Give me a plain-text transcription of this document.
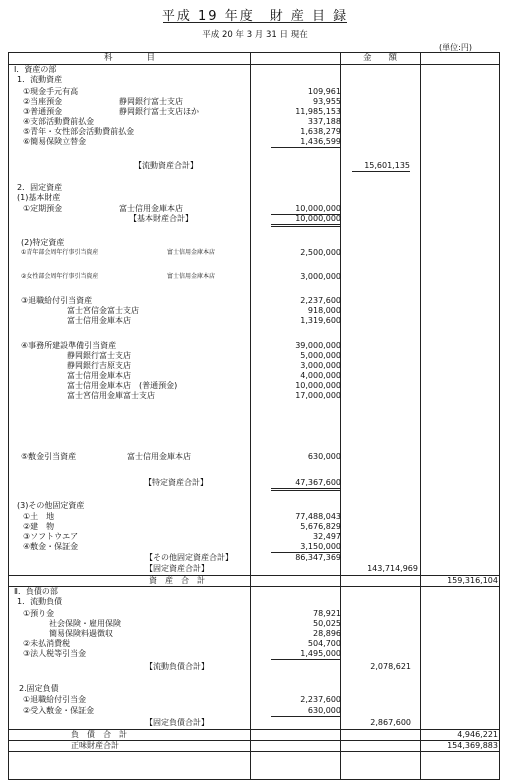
平成 19 年度　財 産 目 録
平成 20 年 3 月 31 日 現在
(単位:円)
科　　　　目	金　　額
Ⅰ．資産の部
1．流動資産
①現金手元有高	109,961
②当座預金	静岡銀行富士支店	93,955
③普通預金	静岡銀行富士支店ほか	11,985,153
④支部活動費前払金	337,188
⑤青年・女性部会活動費前払金	1,638,279
⑥簡易保険立替金	1,436,599
【流動資産合計】	15,601,135
2．固定資産
(1)基本財産
①定期預金	富士信用金庫本店	10,000,000
【基本財産合計】	10,000,000
(2)特定資産
①青年部会周年行事引当資産	富士信用金庫本店	2,500,000
②女性部会周年行事引当資産	富士信用金庫本店	3,000,000
③退職給付引当資産	2,237,600
富士宮信金富士支店	918,000
富士信用金庫本店	1,319,600
④事務所建設準備引当資産	39,000,000
静岡銀行富士支店	5,000,000
静岡銀行吉原支店	3,000,000
富士信用金庫本店	4,000,000
富士信用金庫本店　(普通預金)	10,000,000
富士宮信用金庫富士支店	17,000,000
⑤敷金引当資産	富士信用金庫本店	630,000
【特定資産合計】	47,367,600
(3)その他固定資産
①土　地	77,488,043
②建　物	5,676,829
③ソフトウエア	32,497
④敷金・保証金	3,150,000
【その他固定資産合計】	86,347,369
【固定資産合計】	143,714,969
資　産　合　計	159,316,104
Ⅱ．負債の部
1．流動負債
①預り金	78,921
社会保険・雇用保険	50,025
簡易保険料過徴収	28,896
②未払消費税	504,700
③法人税等引当金	1,495,000
【流動負債合計】	2,078,621
2.固定負債
①退職給付引当金	2,237,600
②受入敷金・保証金	630,000
【固定負債合計】	2,867,600
負　債　合　計	4,946,221
正味財産合計	154,369,883
